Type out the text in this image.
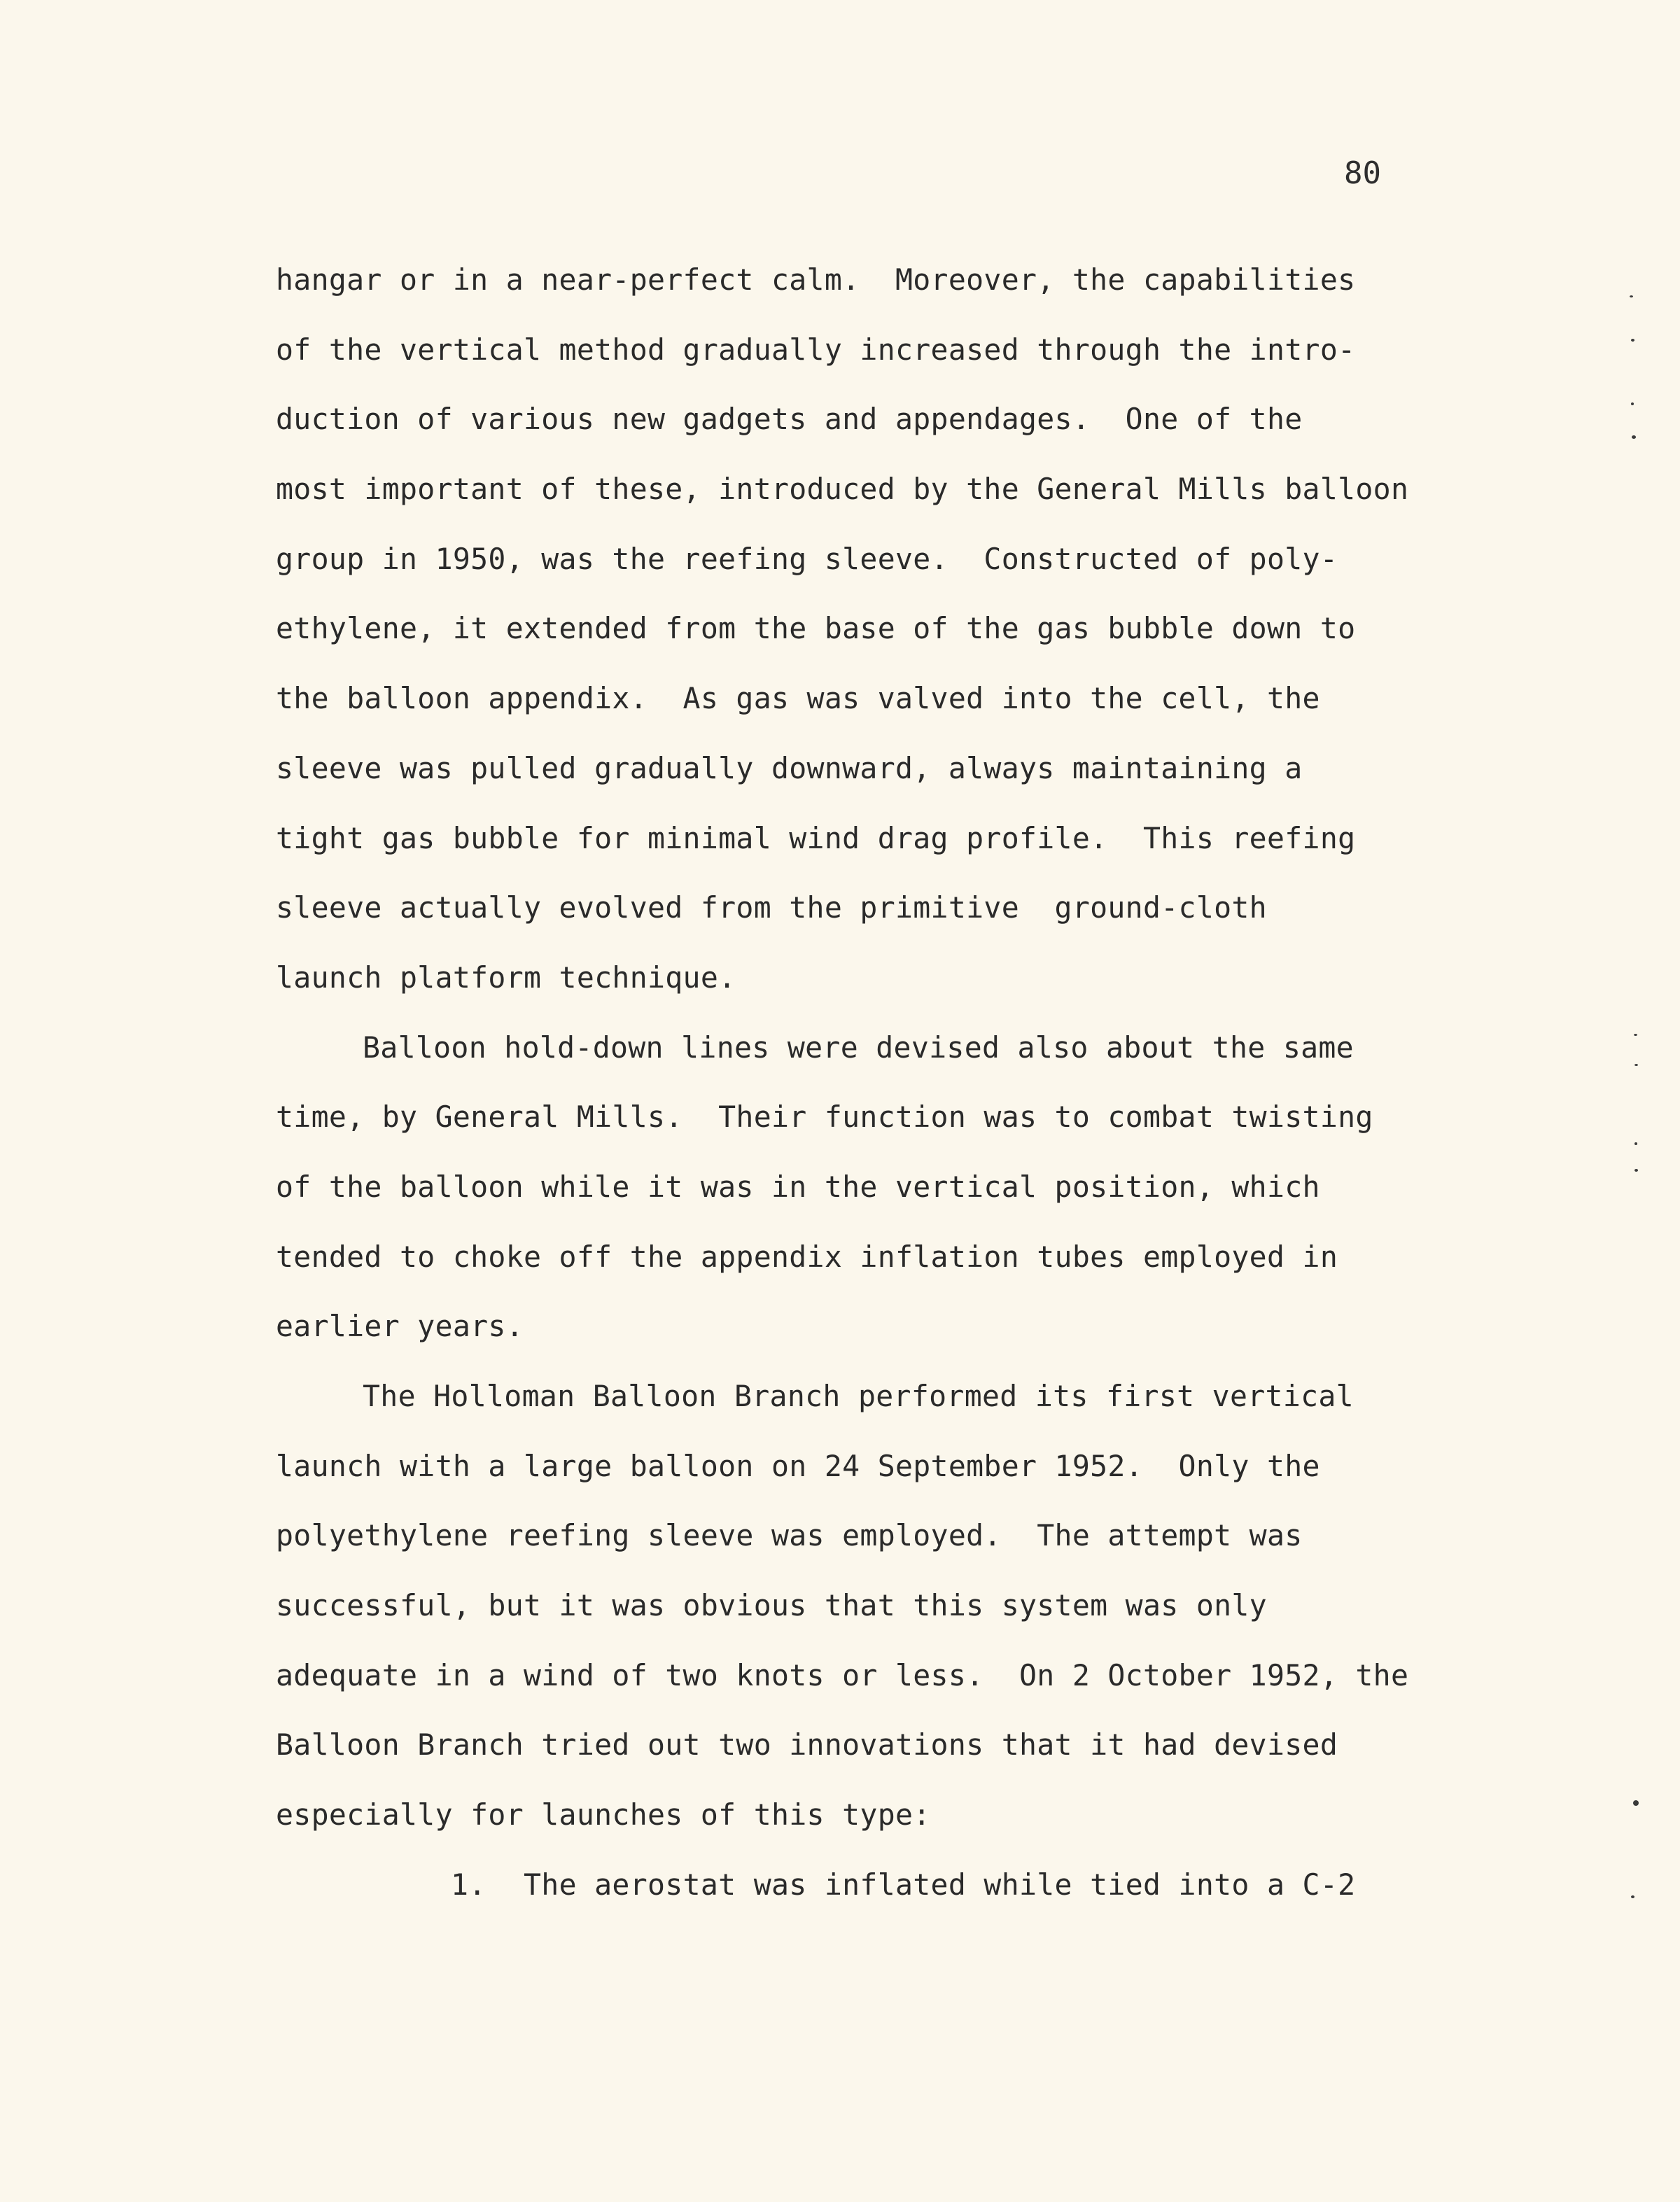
80
hangar or in a near-perfect calm.  Moreover, the capabilities
of the vertical method gradually increased through the intro-
duction of various new gadgets and appendages.  One of the
most important of these, introduced by the General Mills balloon
group in 1950, was the reefing sleeve.  Constructed of poly-
ethylene, it extended from the base of the gas bubble down to
the balloon appendix.  As gas was valved into the cell, the
sleeve was pulled gradually downward, always maintaining a
tight gas bubble for minimal wind drag profile.  This reefing
sleeve actually evolved from the primitive  ground-cloth
launch platform technique.
Balloon hold-down lines were devised also about the same
time, by General Mills.  Their function was to combat twisting
of the balloon while it was in the vertical position, which
tended to choke off the appendix inflation tubes employed in
earlier years.
The Holloman Balloon Branch performed its first vertical
launch with a large balloon on 24 September 1952.  Only the
polyethylene reefing sleeve was employed.  The attempt was
successful, but it was obvious that this system was only
adequate in a wind of two knots or less.  On 2 October 1952, the
Balloon Branch tried out two innovations that it had devised
especially for launches of this type:
1. The aerostat was inflated while tied into a C-2
